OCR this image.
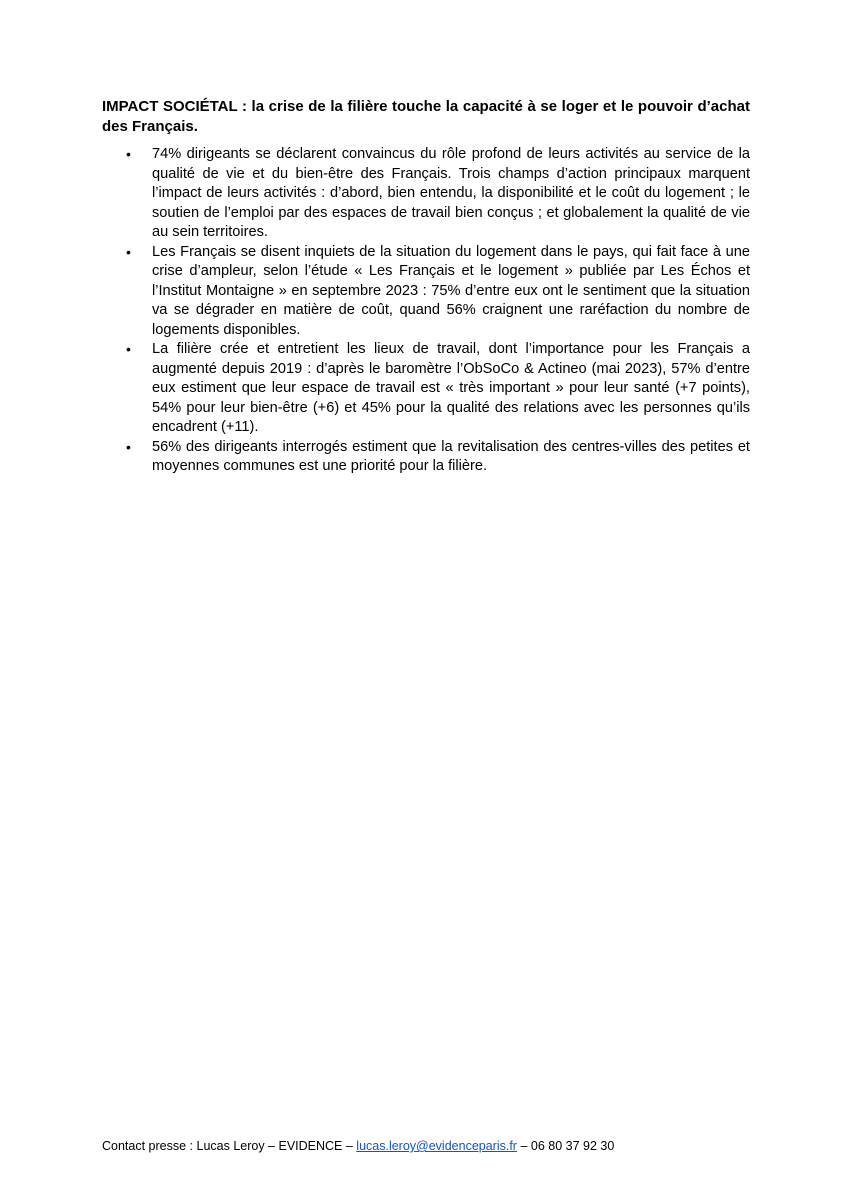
IMPACT SOCIÉTAL : la crise de la filière touche la capacité à se loger et le pouvoir d’achat des Français.

• 74% dirigeants se déclarent convaincus du rôle profond de leurs activités au service de la qualité de vie et du bien-être des Français. Trois champs d’action principaux marquent l’impact de leurs activités : d’abord, bien entendu, la disponibilité et le coût du logement ; le soutien de l’emploi par des espaces de travail bien conçus ; et globalement la qualité de vie au sein territoires.
• Les Français se disent inquiets de la situation du logement dans le pays, qui fait face à une crise d’ampleur, selon l’étude « Les Français et le logement » publiée par Les Échos et l’Institut Montaigne » en septembre 2023 : 75% d’entre eux ont le sentiment que la situation va se dégrader en matière de coût, quand 56% craignent une raréfaction du nombre de logements disponibles.
• La filière crée et entretient les lieux de travail, dont l’importance pour les Français a augmenté depuis 2019 : d’après le baromètre l’ObSoCo & Actineo (mai 2023), 57% d’entre eux estiment que leur espace de travail est « très important » pour leur santé (+7 points), 54% pour leur bien-être (+6) et 45% pour la qualité des relations avec les personnes qu’ils encadrent (+11).
• 56% des dirigeants interrogés estiment que la revitalisation des centres-villes des petites et moyennes communes est une priorité pour la filière.
Contact presse : Lucas Leroy – EVIDENCE – lucas.leroy@evidenceparis.fr – 06 80 37 92 30
